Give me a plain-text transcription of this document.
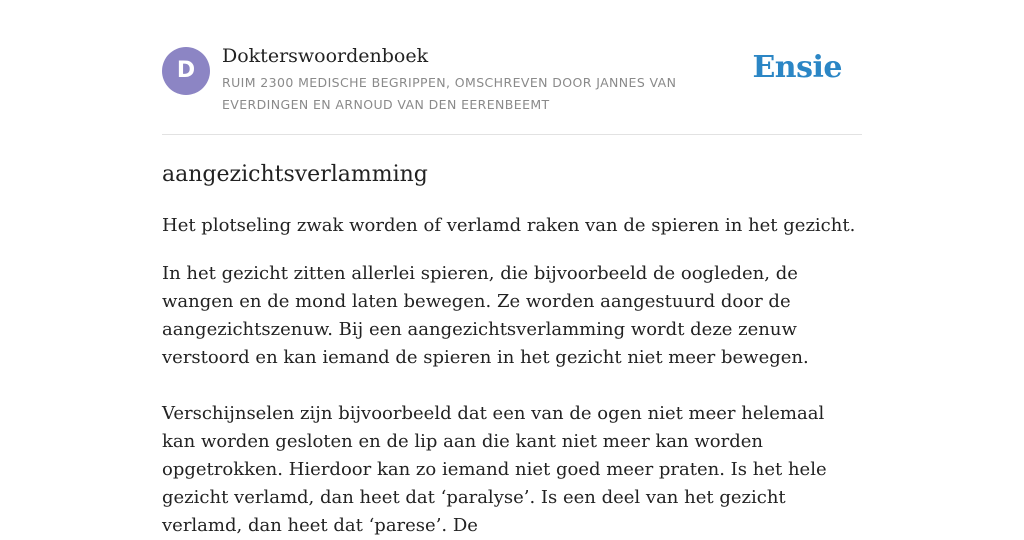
D
Dokterswoordenboek
RUIM 2300 MEDISCHE BEGRIPPEN, OMSCHREVEN DOOR JANNES VAN EVERDINGEN EN ARNOUD VAN DEN EERENBEEMT
Ensie
aangezichtsverlamming

Het plotseling zwak worden of verlamd raken van de spieren in het gezicht.

In het gezicht zitten allerlei spieren, die bijvoorbeeld de oogleden, de wangen en de mond laten bewegen. Ze worden aangestuurd door de aangezichtszenuw. Bij een aangezichtsverlamming wordt deze zenuw verstoord en kan iemand de spieren in het gezicht niet meer bewegen.

Verschijnselen zijn bijvoorbeeld dat een van de ogen niet meer helemaal kan worden gesloten en de lip aan die kant niet meer kan worden opgetrokken. Hierdoor kan zo iemand niet goed meer praten. Is het hele gezicht verlamd, dan heet dat ‘paralyse’. Is een deel van het gezicht verlamd, dan heet dat ‘parese’. De
